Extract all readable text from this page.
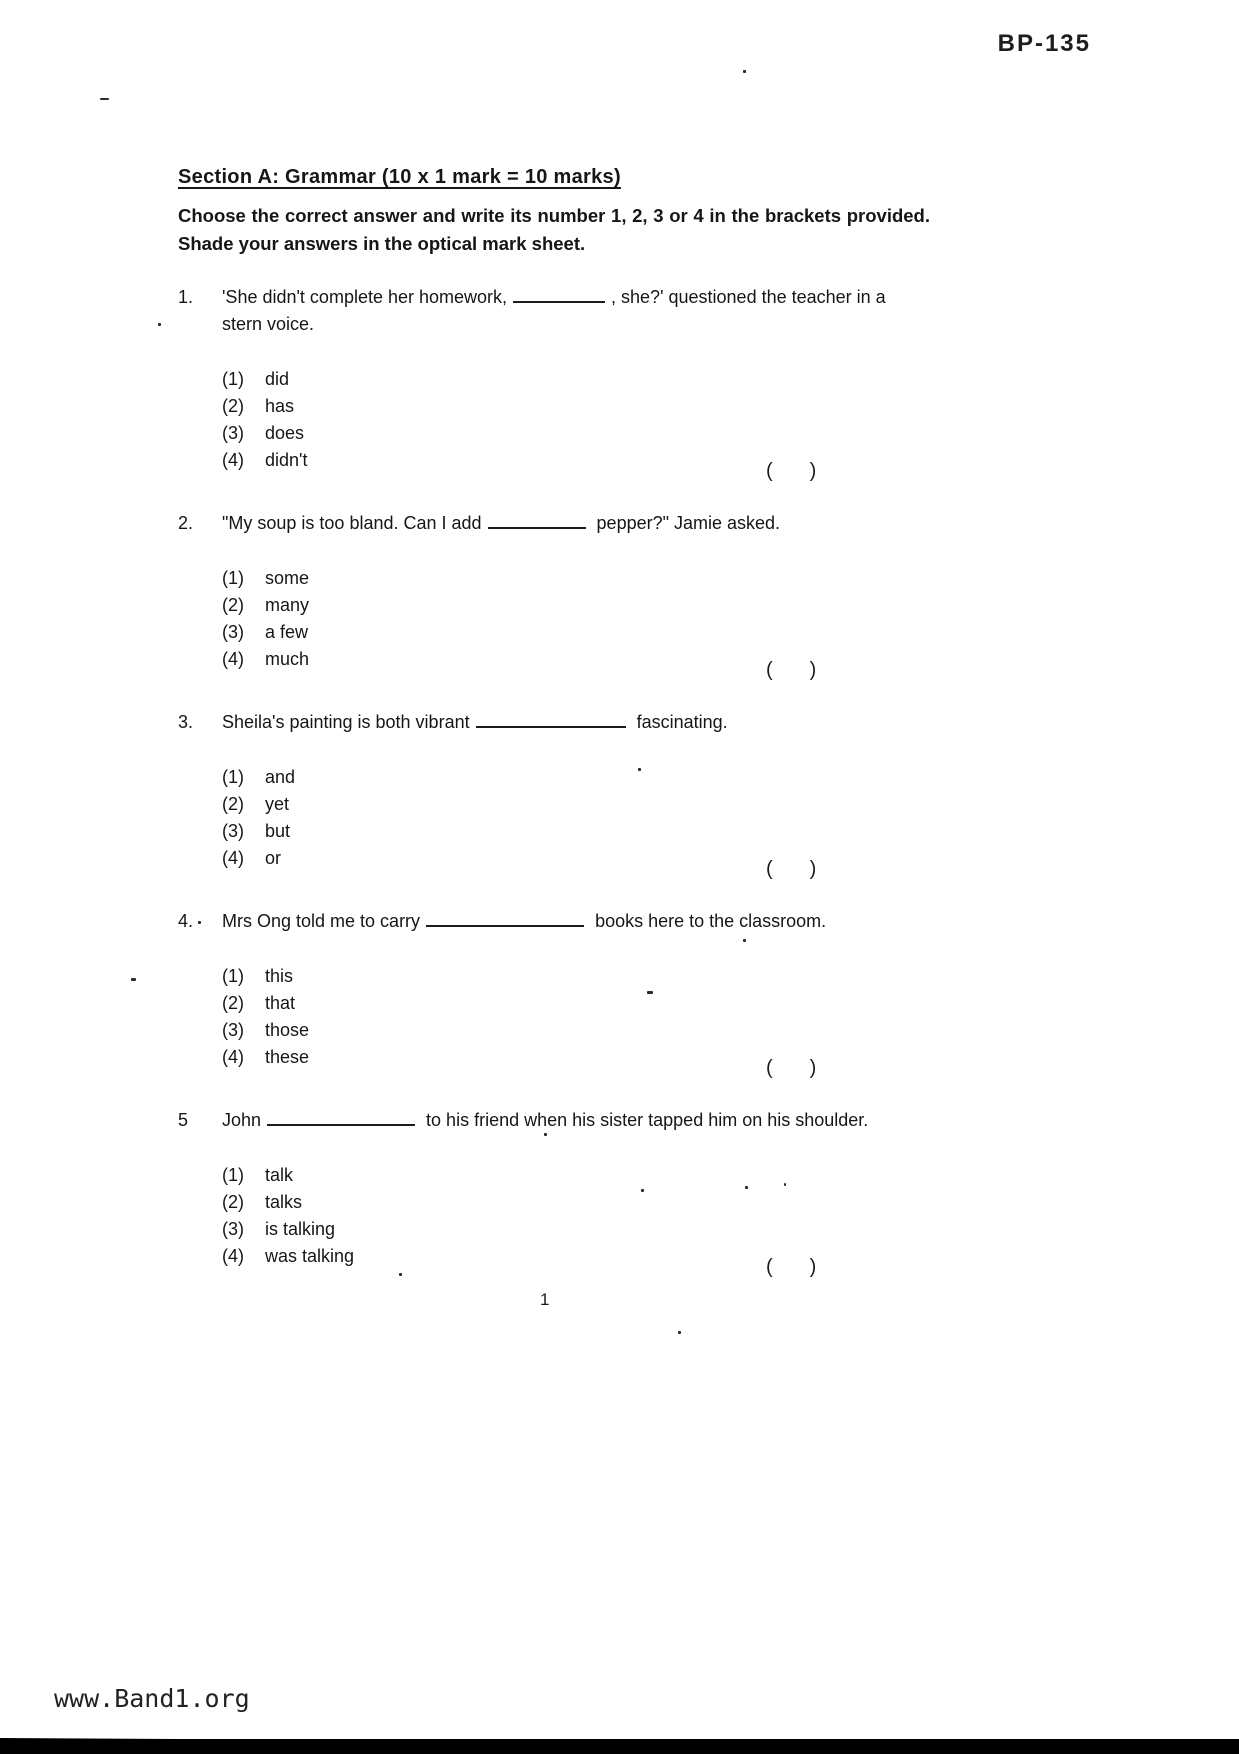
BP-135
Section A: Grammar (10 x 1 mark = 10 marks)

Choose the correct answer and write its number 1, 2, 3 or 4 in the brackets provided. Shade your answers in the optical mark sheet.

1.	'She didn't complete her homework,	, she?' questioned the teacher in a stern voice.
(1)	did
(2)	has
(3)	does
(4)	didn't	( )
2.	"My soup is too bland. Can I add	pepper?" Jamie asked.
(1)	some
(2)	many
(3)	a few
(4)	much	( )
3.	Sheila's painting is both vibrant	fascinating.
(1)	and
(2)	yet
(3)	but
(4)	or	( )
4.	Mrs Ong told me to carry	books here to the classroom.
(1)	this
(2)	that
(3)	those
(4)	these	( )
5	John	to his friend when his sister tapped him on his shoulder.
(1)	talk
(2)	talks
(3)	is talking
(4)	was talking	( )
1
www.Band1.org
